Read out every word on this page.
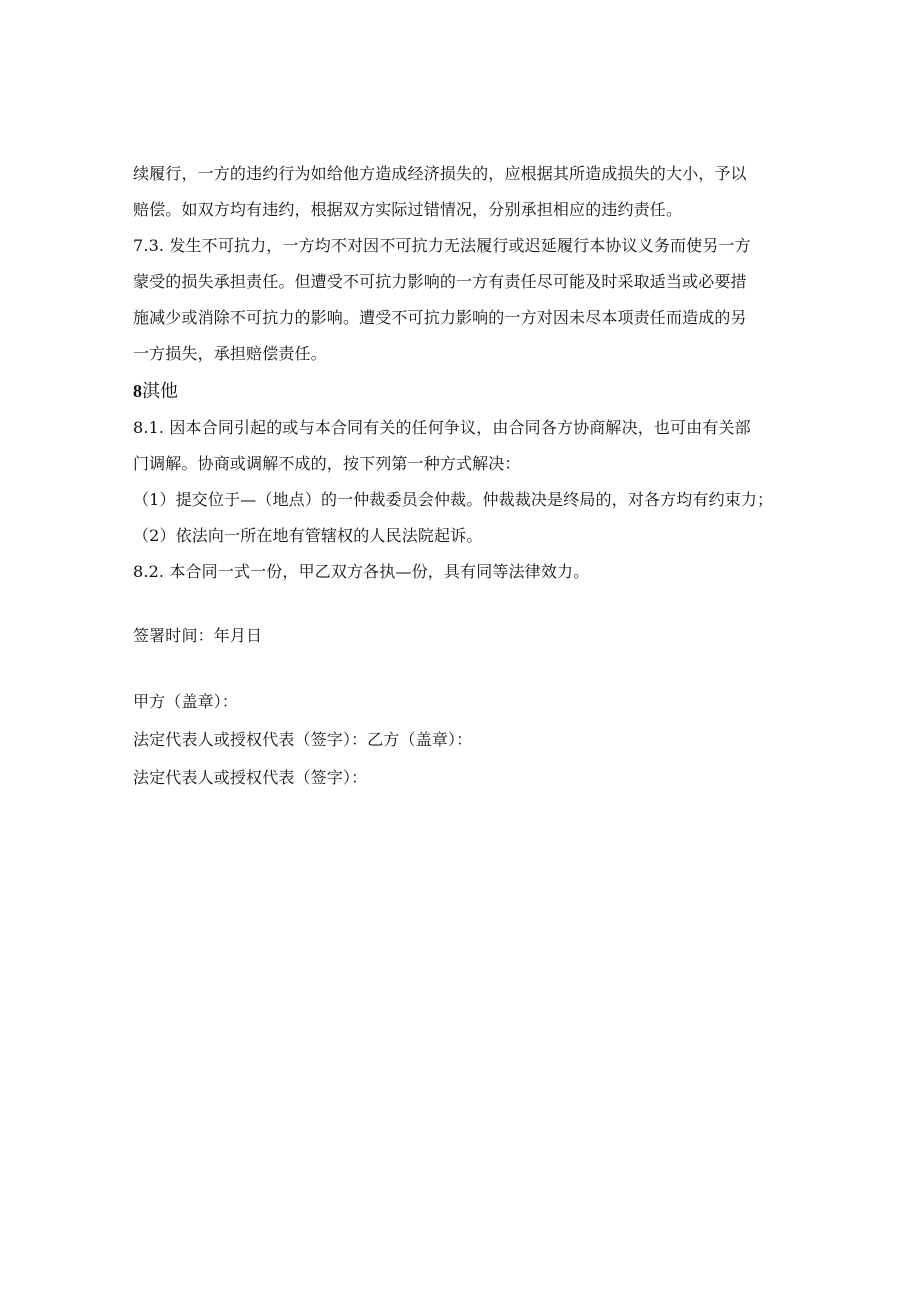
续履行，一方的违约行为如给他方造成经济损失的，应根据其所造成损失的大小，予以
赔偿。如双方均有违约，根据双方实际过错情况，分别承担相应的违约责任。
7.3. 发生不可抗力，一方均不对因不可抗力无法履行或迟延履行本协议义务而使另一方
蒙受的损失承担责任。但遭受不可抗力影响的一方有责任尽可能及时采取适当或必要措
施减少或消除不可抗力的影响。遭受不可抗力影响的一方对因未尽本项责任而造成的另
一方损失，承担赔偿责任。
8淇他
8.1. 因本合同引起的或与本合同有关的任何争议，由合同各方协商解决，也可由有关部
门调解。协商或调解不成的，按下列第一种方式解决：
（1）提交位于—（地点）的一仲裁委员会仲裁。仲裁裁决是终局的，对各方均有约束力；
（2）依法向一所在地有管辖权的人民法院起诉。
8.2. 本合同一式一份，甲乙双方各执—份，具有同等法律效力。
签署时间：年月日
甲方（盖章）：
法定代表人或授权代表（签字）：乙方（盖章）：
法定代表人或授权代表（签字）：
